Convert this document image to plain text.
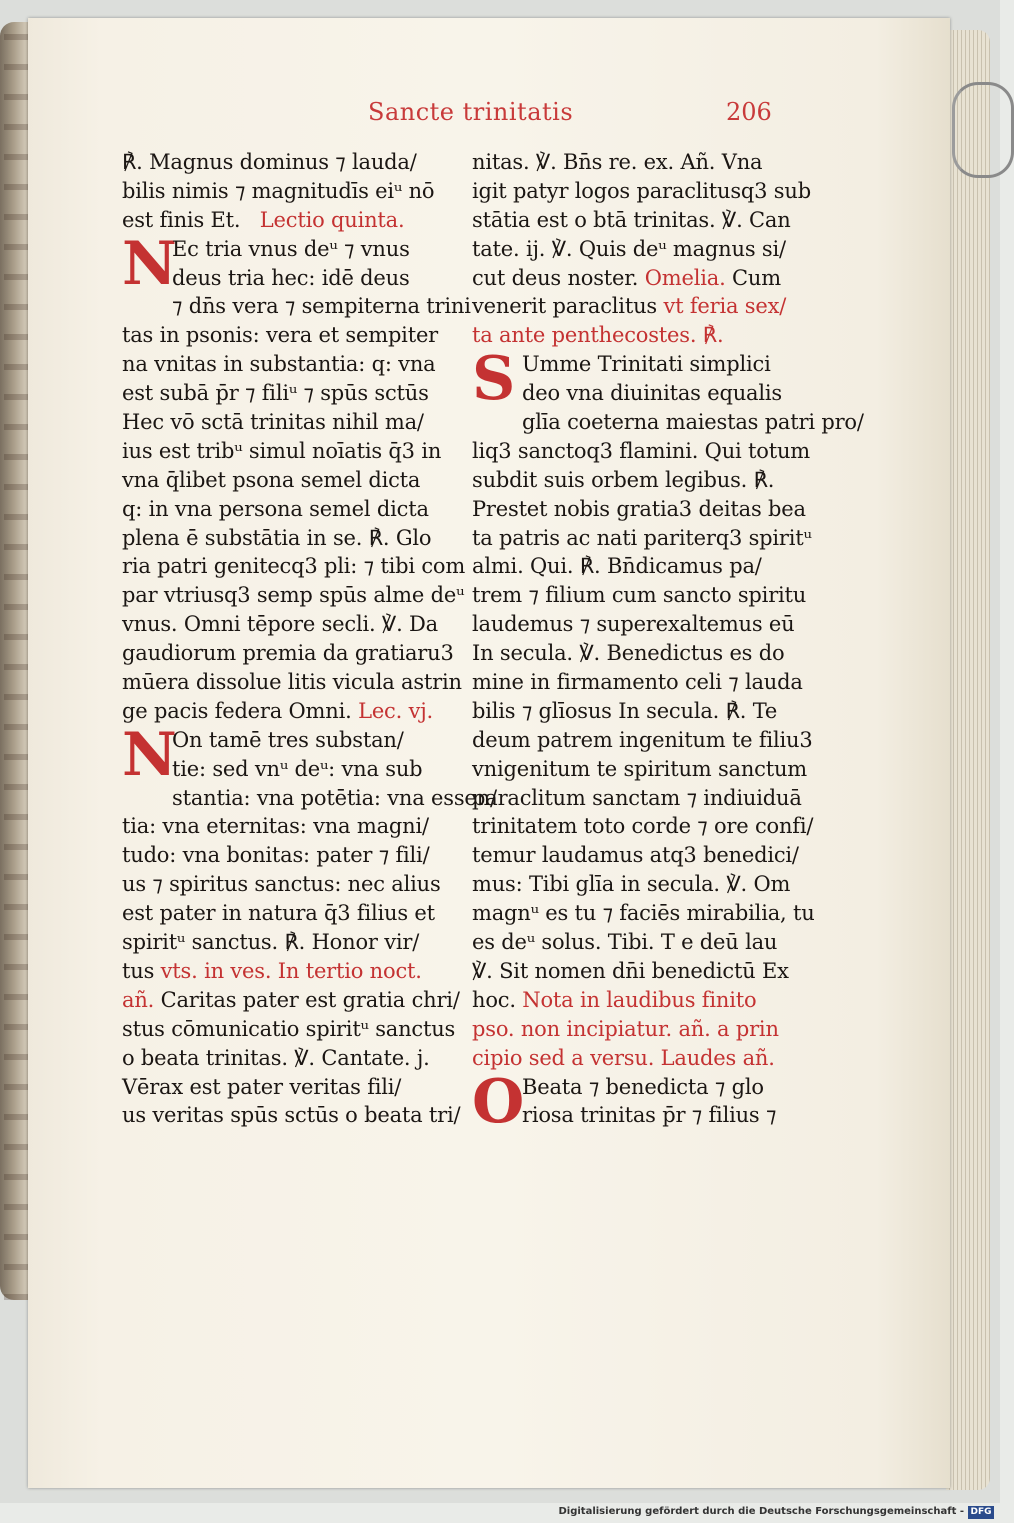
Sancte trinitatis	206
℟. Magnus dominus ⁊ lauda/
bilis nimis ⁊ magnitudīs eiᵘ nō
est finis Et. Lectio quinta.
N
Ec tria vnus deᵘ ⁊ vnus
deus tria hec: idē deus
⁊ dn̄s vera ⁊ sempiterna trini
tas in psonis: vera et sempiter
na vnitas in substantia: q: vna
est subā p̄r ⁊ filiᵘ ⁊ spūs sctūs
Hec vō sctā trinitas nihil ma/
ius est tribᵘ simul noīatis q̄3 in
vna q̄libet psona semel dicta
q: in vna persona semel dicta
plena ē substātia in se. ℟. Glo
ria patri genitecq3 pli: ⁊ tibi com
par vtriusq3 semp spūs alme deᵘ
vnus. Omni tēpore secli. ℣. Da
gaudiorum premia da gratiaru3
mūera dissolue litis vicula astrin
ge pacis federa Omni. Lec. vj.
N
On tamē tres substan/
tie: sed vnᵘ deᵘ: vna sub
stantia: vna potētia: vna essen/
tia: vna eternitas: vna magni/
tudo: vna bonitas: pater ⁊ fili/
us ⁊ spiritus sanctus: nec alius
est pater in natura q̄3 filius et
spiritᵘ sanctus. ℟. Honor vir/
tus vts. in ves. In tertio noct.
añ. Caritas pater est gratia chri/
stus cōmunicatio spiritᵘ sanctus
o beata trinitas. ℣. Cantate. j.
Vērax est pater veritas fili/
us veritas spūs sctūs o beata tri/
nitas. ℣. Bn̄s re. ex. Añ. Vna
igit patyr logos paraclitusq3 sub
stātia est o btā trinitas. ℣. Can
tate. ij. ℣. Quis deᵘ magnus si/
cut deus noster. Omelia. Cum
venerit paraclitus vt feria sex/
ta ante penthecostes. ℟.
S Umme Trinitati simplici
deo vna diuinitas equalis
glīa coeterna maiestas patri pro/
liq3 sanctoq3 flamini. Qui totum
subdit suis orbem legibus. ℟.
Prestet nobis gratia3 deitas bea
ta patris ac nati pariterq3 spiritᵘ
almi. Qui. ℟. Bn̄dicamus pa/
trem ⁊ filium cum sancto spiritu
laudemus ⁊ superexaltemus eū
In secula. ℣. Benedictus es do
mine in firmamento celi ⁊ lauda
bilis ⁊ glīosus In secula. ℟. Te
deum patrem ingenitum te filiu3
vnigenitum te spiritum sanctum
paraclitum sanctam ⁊ indiuiduā
trinitatem toto corde ⁊ ore confi/
temur laudamus atq3 benedici/
mus: Tibi glīa in secula. ℣. Om
magnᵘ es tu ⁊ faciēs mirabilia, tu
es deᵘ solus. Tibi. T e deū lau
℣. Sit nomen dn̄i benedictū Ex
hoc. Nota in laudibus finito
pso. non incipiatur. añ. a prin
cipio sed a versu. Laudes añ.
O
Beata ⁊ benedicta ⁊ glo
riosa trinitas p̄r ⁊ filius ⁊
Digitalisierung gefördert durch die Deutsche Forschungsgemeinschaft - DFG
